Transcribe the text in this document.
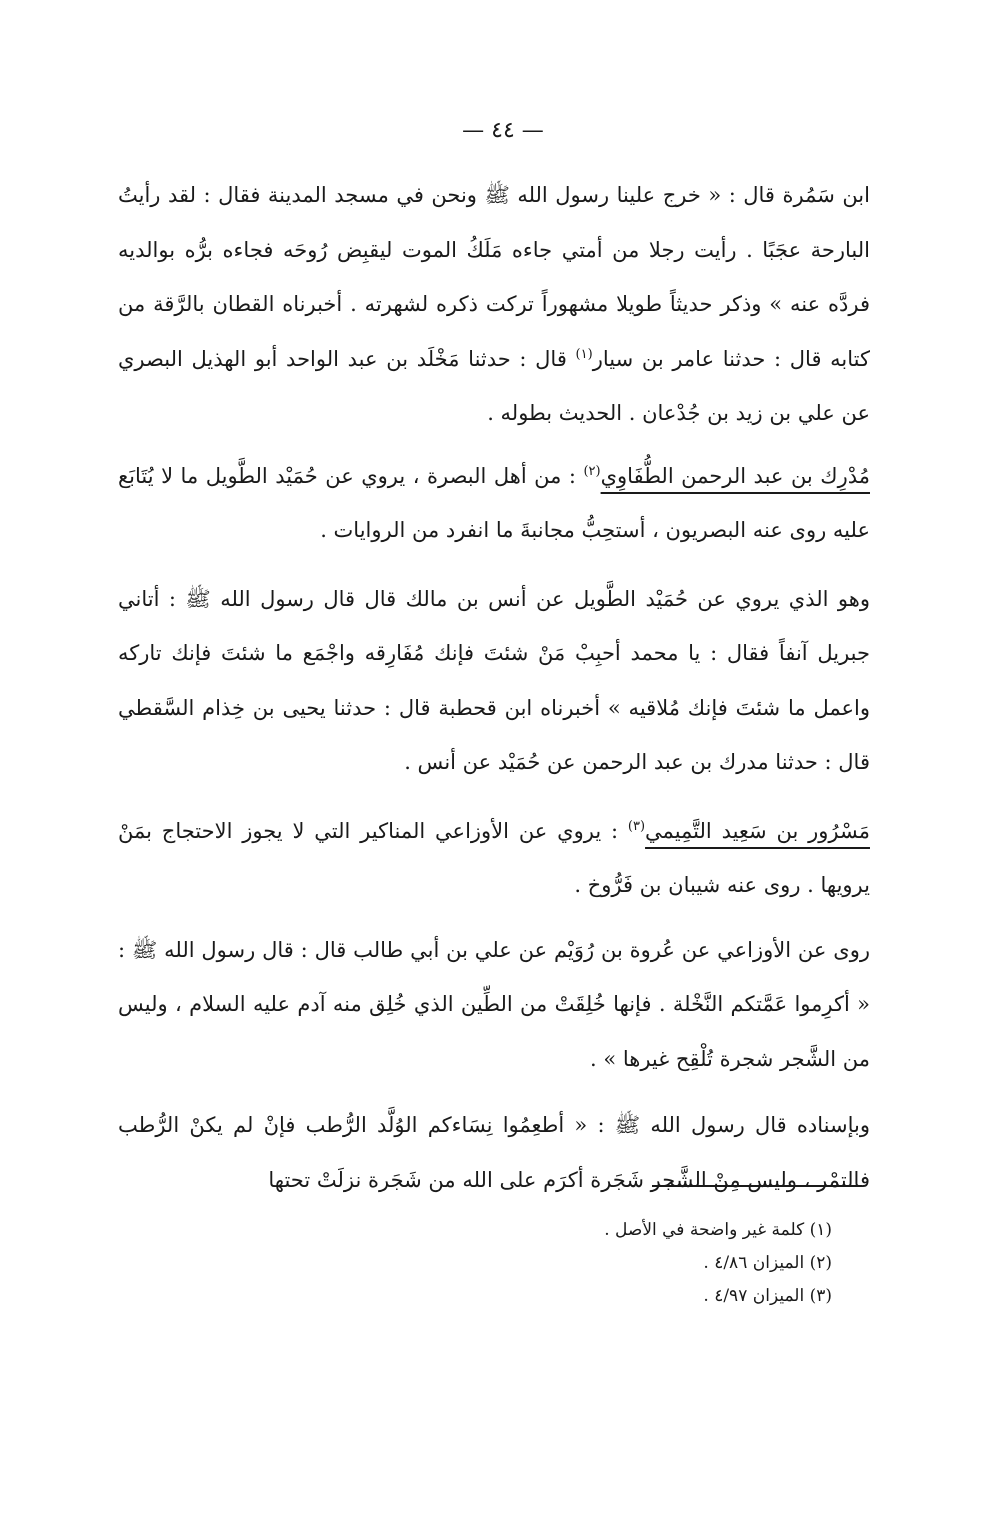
— ٤٤ —

ابن سَمُرة قال : « خرج علينا رسول الله ﷺ ونحن في مسجد المدينة فقال : لقد رأيتُ البارحة عجَبًا . رأيت رجلا من أمتي جاءه مَلَكُ الموت ليقبِض رُوحَه فجاءه برُّه بوالديه فردَّه عنه » وذكر حديثاً طويلا مشهوراً تركت ذكره لشهرته . أخبرناه القطان بالرَّقة من كتابه قال : حدثنا عامر بن سيار$^{(١)}$ قال : حدثنا مَخْلَد بن عبد الواحد أبو الهذيل البصري عن علي بن زيد بن جُدْعان . الحديث بطوله .

مُدْرِك بن عبد الرحمن الطُّفَاوِي$^{(٢)}$ : من أهل البصرة ، يروي عن حُمَيْد الطَّويل ما لا يُتَابَع عليه روى عنه البصريون ، أستحِبُّ مجانبةَ ما انفرد من الروايات .

وهو الذي يروي عن حُمَيْد الطَّويل عن أنس بن مالك قال قال رسول الله ﷺ : أتاني جبريل آنفاً فقال : يا محمد أحبِبْ مَنْ شئتَ فإنك مُفَارِقه واجْمَع ما شئتَ فإنك تاركه واعمل ما شئتَ فإنك مُلاقيه » أخبرناه ابن قحطبة قال : حدثنا يحيى بن خِذام السَّقطي قال : حدثنا مدرك بن عبد الرحمن عن حُمَيْد عن أنس .

مَسْرُور بن سَعِيد التَّمِيمي$^{(٣)}$ : يروي عن الأوزاعي المناكير التي لا يجوز الاحتجاج بمَنْ يرويها . روى عنه شيبان بن فَرُّوخ .

روى عن الأوزاعي عن عُروة بن رُوَيْم عن علي بن أبي طالب قال : قال رسول الله ﷺ : « أكرِموا عَمَّتكم النَّخْلة . فإنها خُلِقَتْ من الطِّين الذي خُلِق منه آدم عليه السلام ، وليس من الشَّجر شجرة تُلْقِح غيرها » .

وبإسناده قال رسول الله ﷺ : « أطعِمُوا نِسَاءكم الوُلَّد الرُّطب فإنْ لم يكنْ الرُّطب فالتمْر ، وليس مِنْ الشَّجر شَجَرة أكرَم على الله من شَجَرة نزلَتْ تحتها

(١) كلمة غير واضحة في الأصل .

(٢) الميزان ٤/٨٦ .

(٣) الميزان ٤/٩٧ .
